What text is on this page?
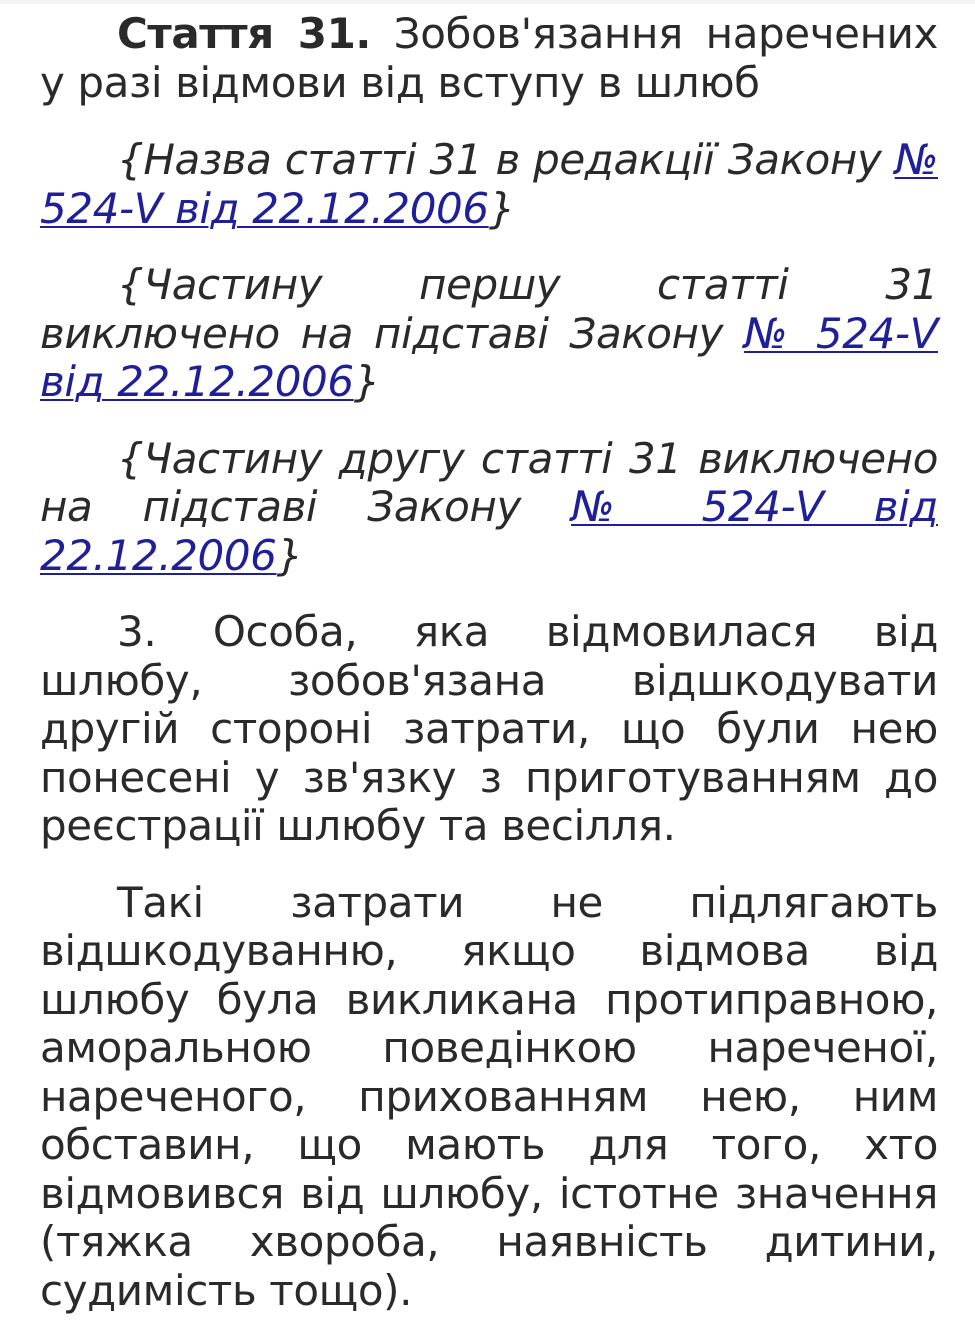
Стаття 31. Зобов'язання наречених у разі відмови від вступу в шлюб

{Назва статті 31 в редакції Закону № 524-V від 22.12.2006}

{Частину першу статті 31 виключено на підставі Закону № 524-V від 22.12.2006}

{Частину другу статті 31 виключено на підставі Закону № 524-V від 22.12.2006}

3. Особа, яка відмовилася від шлюбу, зобов'язана відшкодувати другій стороні затрати, що були нею понесені у зв'язку з приготуванням до реєстрації шлюбу та весілля.

Такі затрати не підлягають відшкодуванню, якщо відмова від шлюбу була викликана протиправною, аморальною поведінкою нареченої, нареченого, прихованням нею, ним обставин, що мають для того, хто відмовився від шлюбу, істотне значення (тяжка хвороба, наявність дитини, судимість тощо).
